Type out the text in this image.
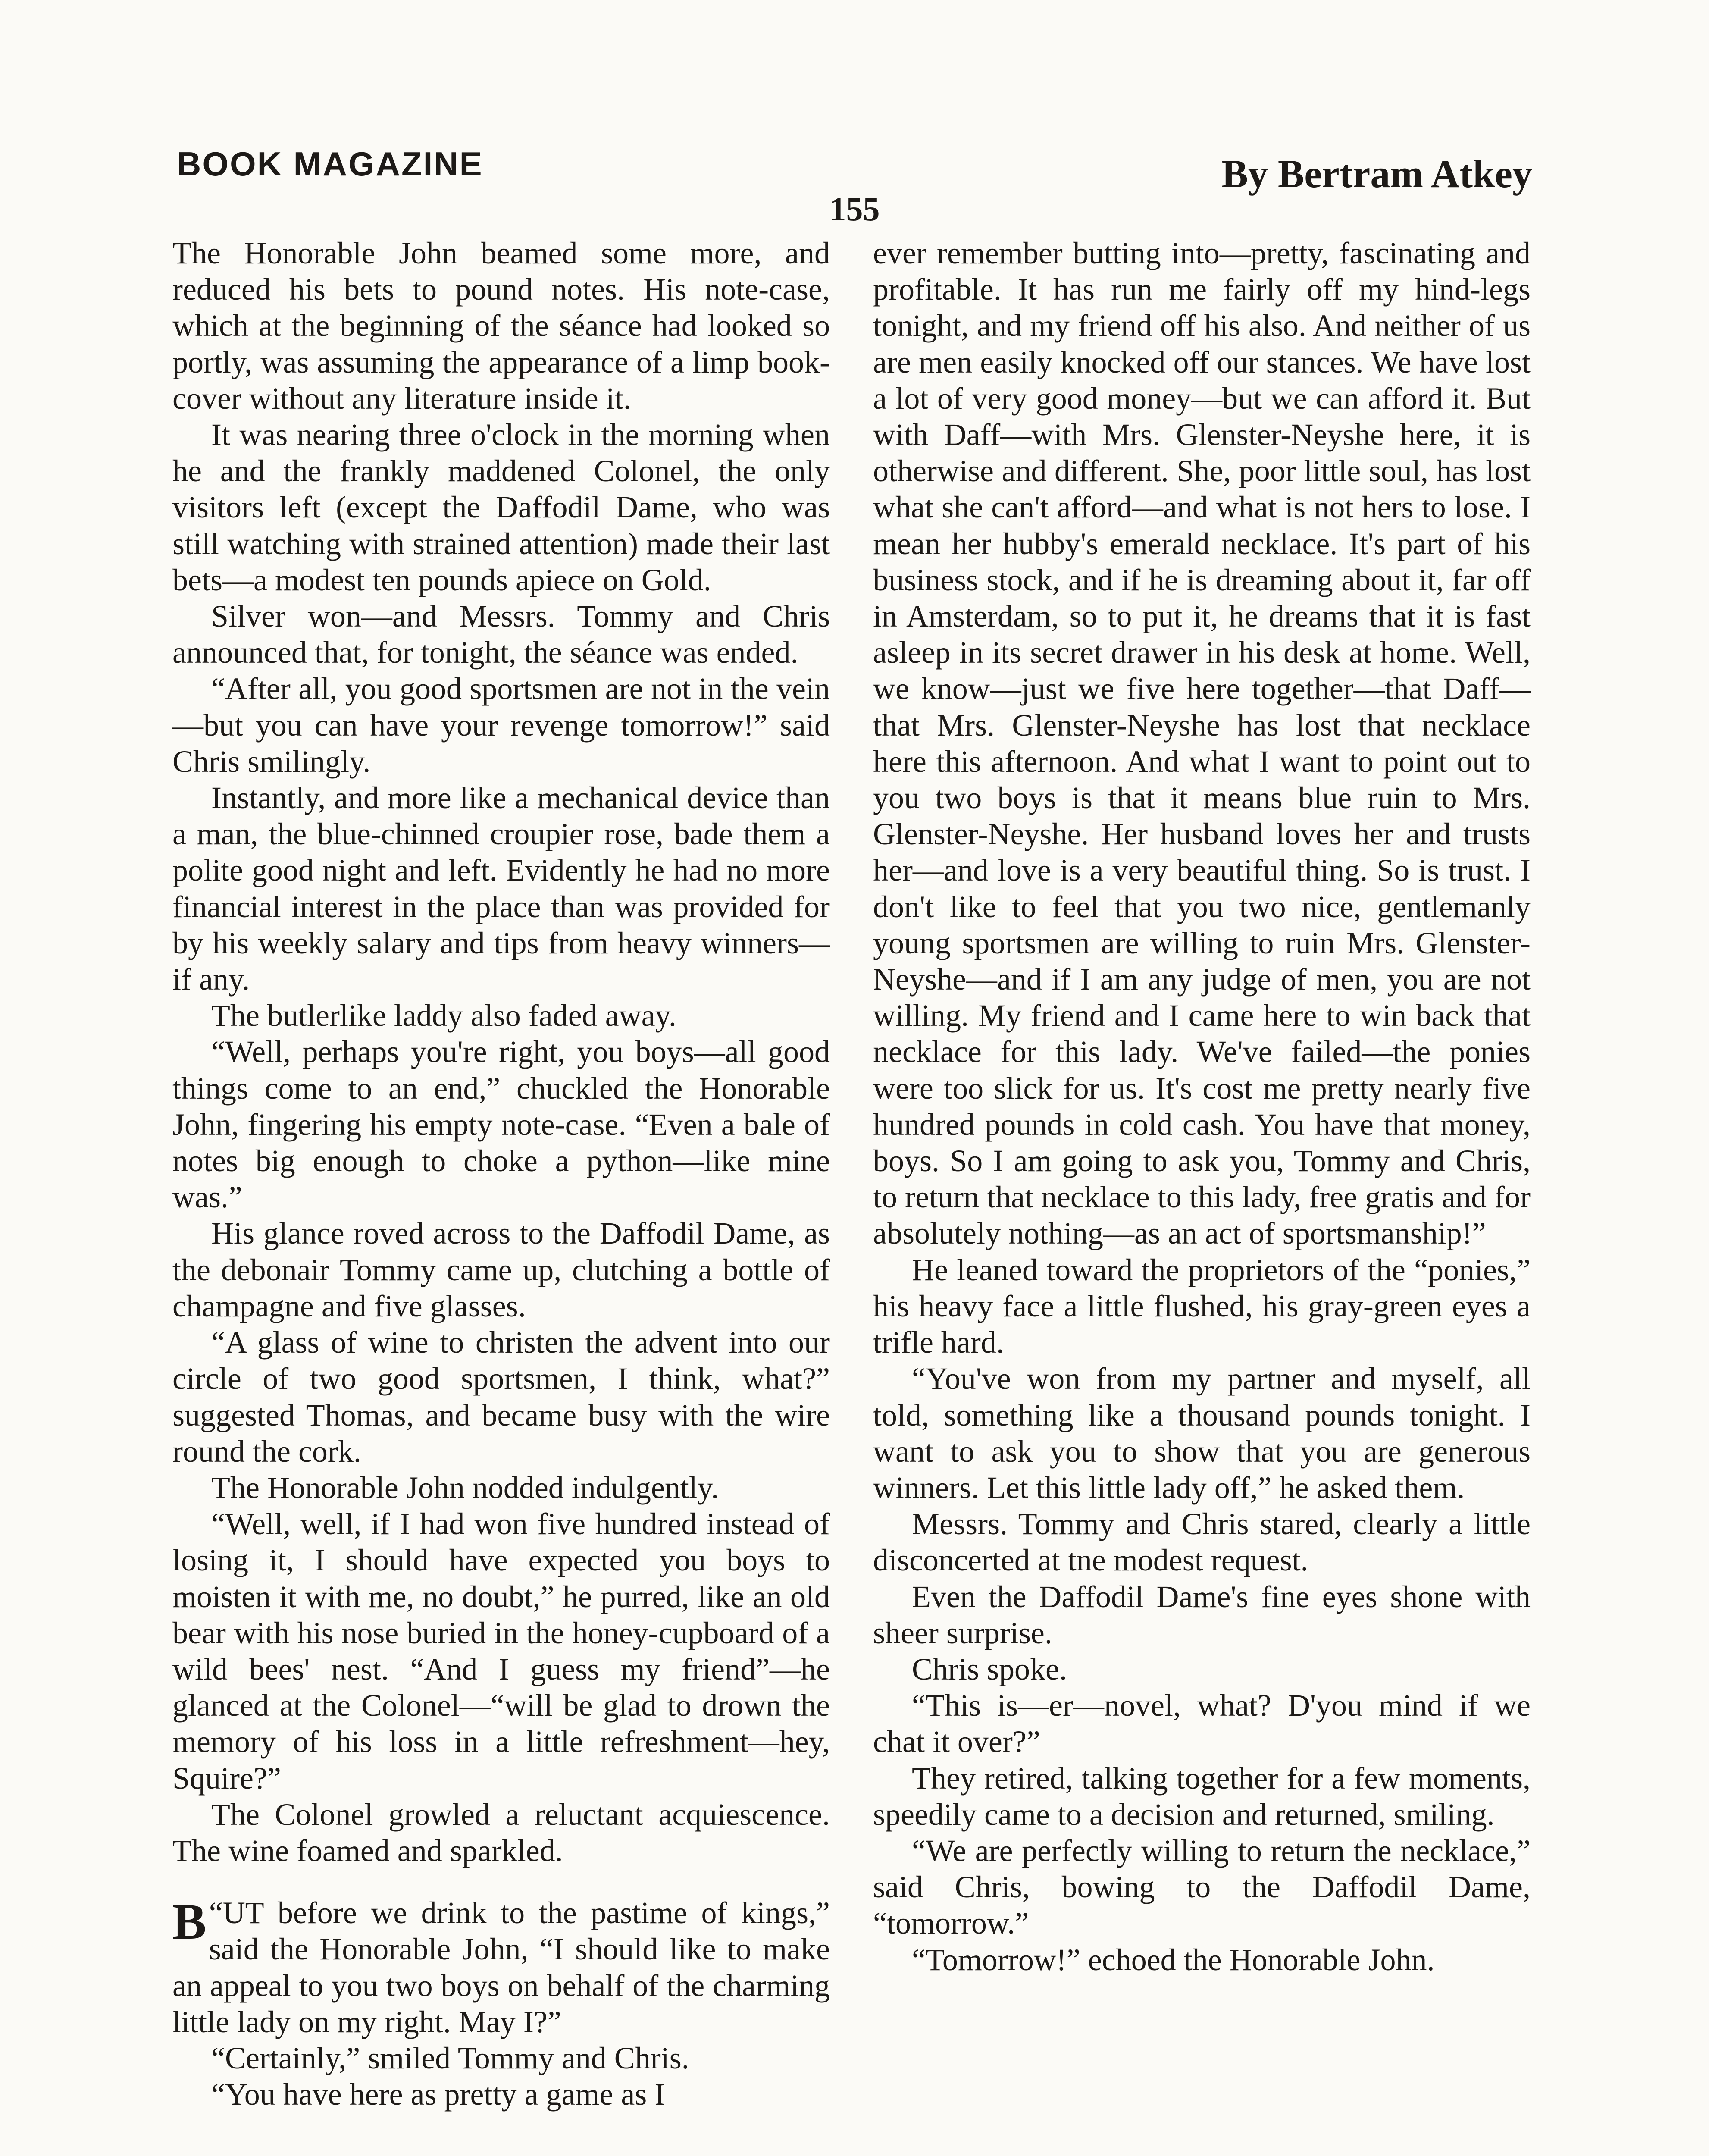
BOOK MAGAZINE	By Bertram Atkey
155

The Honorable John beamed some more, and reduced his bets to pound notes. His note-case, which at the beginning of the séance had looked so portly, was assuming the appearance of a limp book-cover without any literature inside it.

It was nearing three o'clock in the morning when he and the frankly maddened Colonel, the only visitors left (except the Daffodil Dame, who was still watching with strained attention) made their last bets—a modest ten pounds apiece on Gold.

Silver won—and Messrs. Tommy and Chris announced that, for tonight, the séance was ended.

“After all, you good sportsmen are not in the vein—but you can have your revenge tomorrow!” said Chris smilingly.

Instantly, and more like a mechanical device than a man, the blue-chinned croupier rose, bade them a polite good night and left. Evidently he had no more financial interest in the place than was provided for by his weekly salary and tips from heavy winners—if any.

The butlerlike laddy also faded away.

“Well, perhaps you're right, you boys—all good things come to an end,” chuckled the Honorable John, fingering his empty note-case. “Even a bale of notes big enough to choke a python—like mine was.”

His glance roved across to the Daffodil Dame, as the debonair Tommy came up, clutching a bottle of champagne and five glasses.

“A glass of wine to christen the advent into our circle of two good sportsmen, I think, what?” suggested Thomas, and became busy with the wire round the cork.

The Honorable John nodded indulgently.

“Well, well, if I had won five hundred instead of losing it, I should have expected you boys to moisten it with me, no doubt,” he purred, like an old bear with his nose buried in the honey-cupboard of a wild bees' nest. “And I guess my friend”—he glanced at the Colonel—“will be glad to drown the memory of his loss in a little refreshment—hey, Squire?”

The Colonel growled a reluctant acquiescence. The wine foamed and sparkled.

“
B UT before we drink to the pastime of kings,” said the Honorable John, “I should like to make an appeal to you two boys on behalf of the charming little lady on my right. May I?”

“Certainly,” smiled Tommy and Chris.

“You have here as pretty a game as I

ever remember butting into—pretty, fascinating and profitable. It has run me fairly off my hind-legs tonight, and my friend off his also. And neither of us are men easily knocked off our stances. We have lost a lot of very good money—but we can afford it. But with Daff—with Mrs. Glenster-Neyshe here, it is otherwise and different. She, poor little soul, has lost what she can't afford—and what is not hers to lose. I mean her hubby's emerald necklace. It's part of his business stock, and if he is dreaming about it, far off in Amsterdam, so to put it, he dreams that it is fast asleep in its secret drawer in his desk at home. Well, we know—just we five here together—that Daff—that Mrs. Glenster-Neyshe has lost that necklace here this afternoon. And what I want to point out to you two boys is that it means blue ruin to Mrs. Glenster-Neyshe. Her husband loves her and trusts her—and love is a very beautiful thing. So is trust. I don't like to feel that you two nice, gentlemanly young sportsmen are willing to ruin Mrs. Glenster-Neyshe—and if I am any judge of men, you are not willing. My friend and I came here to win back that necklace for this lady. We've failed—the ponies were too slick for us. It's cost me pretty nearly five hundred pounds in cold cash. You have that money, boys. So I am going to ask you, Tommy and Chris, to return that necklace to this lady, free gratis and for absolutely nothing—as an act of sportsmanship!”

He leaned toward the proprietors of the “ponies,” his heavy face a little flushed, his gray-green eyes a trifle hard.

“You've won from my partner and myself, all told, something like a thousand pounds tonight. I want to ask you to show that you are generous winners. Let this little lady off,” he asked them.

Messrs. Tommy and Chris stared, clearly a little disconcerted at tne modest request.

Even the Daffodil Dame's fine eyes shone with sheer surprise.

Chris spoke.

“This is—er—novel, what? D'you mind if we chat it over?”

They retired, talking together for a few moments, speedily came to a decision and returned, smiling.

“We are perfectly willing to return the necklace,” said Chris, bowing to the Daffodil Dame, “tomorrow.”

“Tomorrow!” echoed the Honorable John.
